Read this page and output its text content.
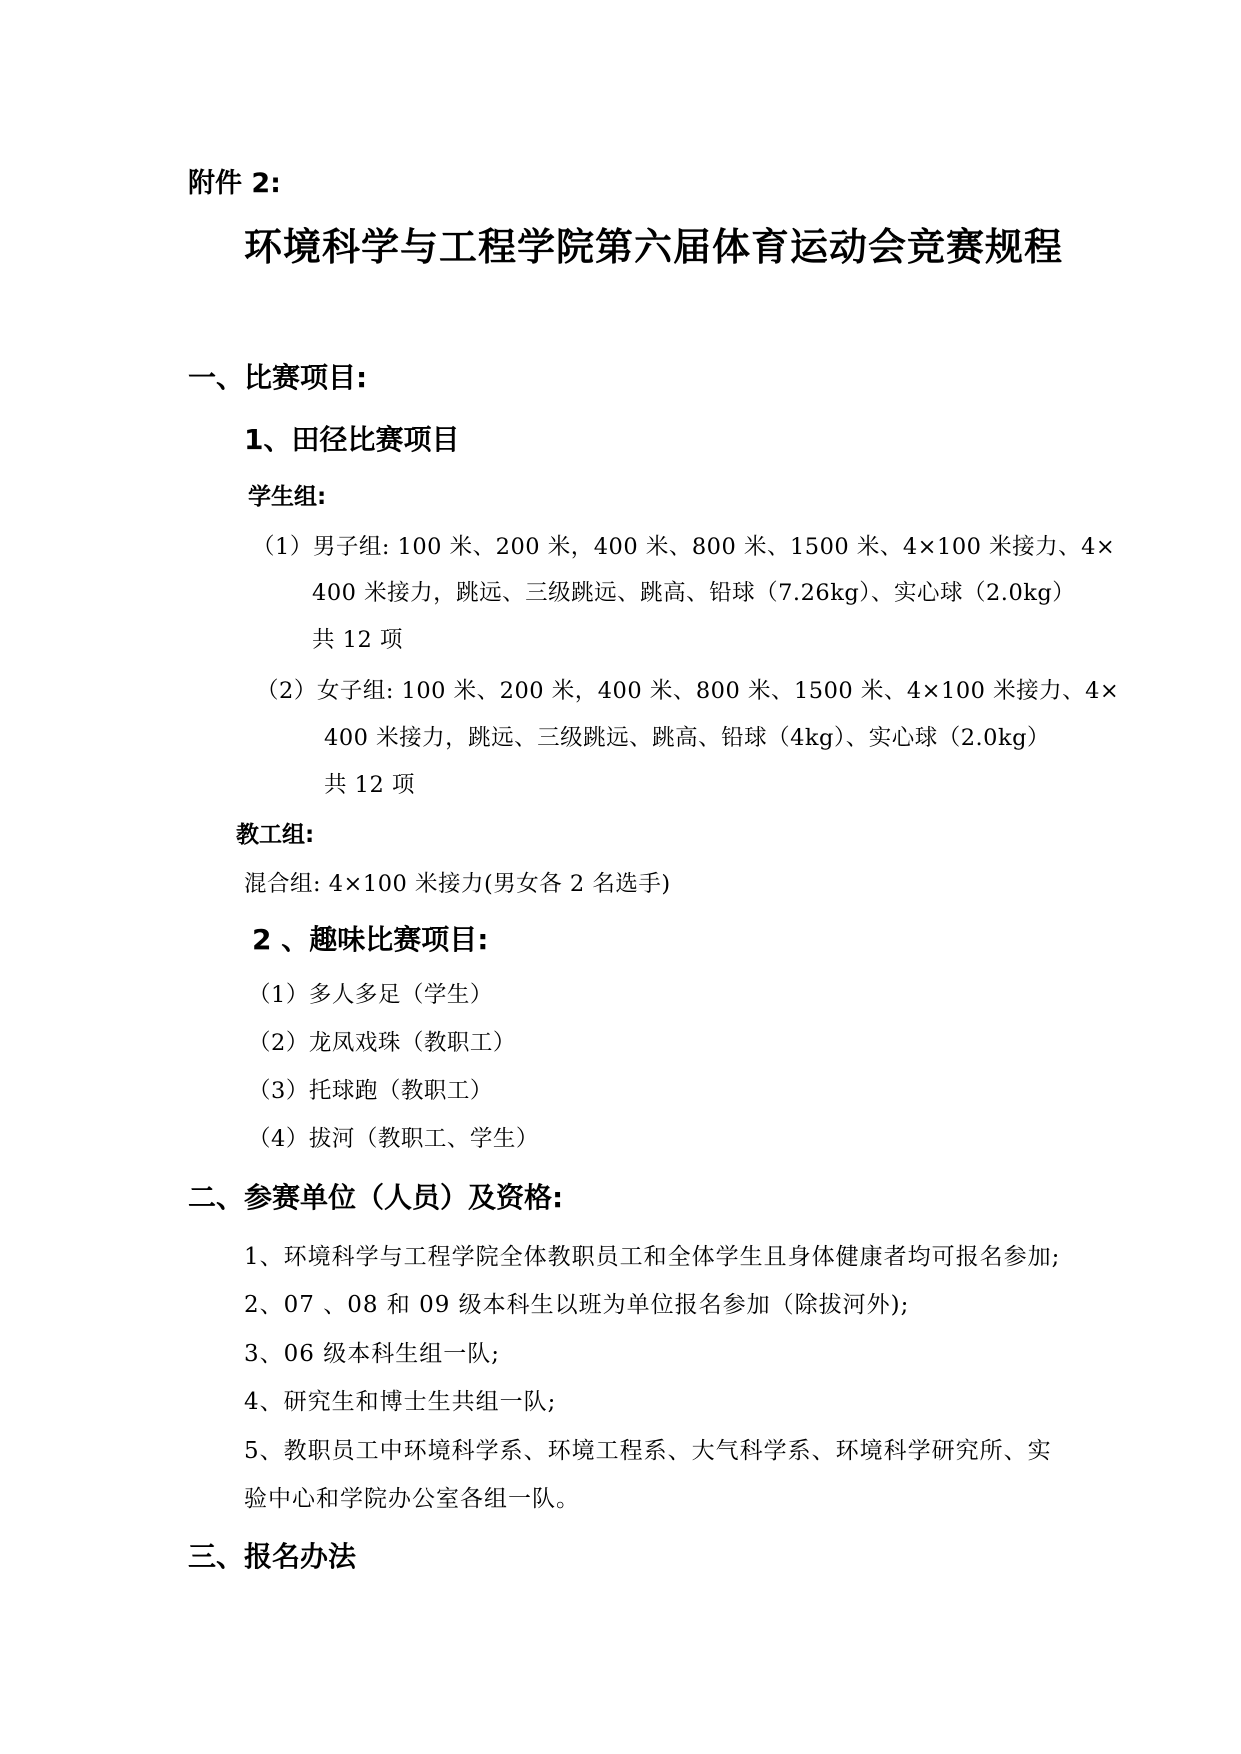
附件 2:
环境科学与工程学院第六届体育运动会竞赛规程
一、比赛项目:
1、田径比赛项目
学生组:
（1）男子组: 100 米、200 米，400 米、800 米、1500 米、4×100 米接力、4×
400 米接力，跳远、三级跳远、跳高、铅球（7.26kg）、实心球（2.0kg）
共 12 项
（2）女子组: 100 米、200 米，400 米、800 米、1500 米、4×100 米接力、4×
400 米接力，跳远、三级跳远、跳高、铅球（4kg）、实心球（2.0kg）
共 12 项
教工组:
混合组: 4×100 米接力(男女各 2 名选手)
2 、趣味比赛项目:
（1）多人多足（学生）
（2）龙凤戏珠（教职工）
（3）托球跑（教职工）
（4）拔河（教职工、学生）
二、参赛单位（人员）及资格:
1、环境科学与工程学院全体教职员工和全体学生且身体健康者均可报名参加;
2、07 、08 和 09 级本科生以班为单位报名参加（除拔河外);
3、06 级本科生组一队;
4、研究生和博士生共组一队;
5、教职员工中环境科学系、环境工程系、大气科学系、环境科学研究所、实
验中心和学院办公室各组一队。
三、报名办法
